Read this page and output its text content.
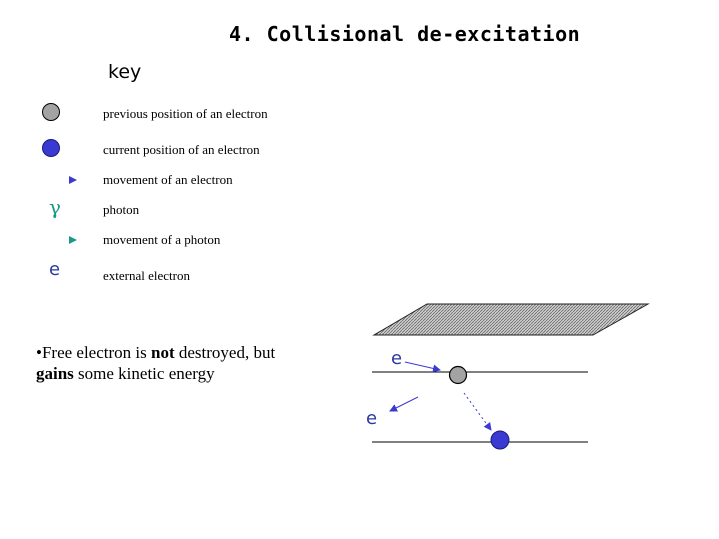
4. Collisional de-excitation
key
previous position of an electron
current position of an electron
movement of an electron
γ	photon
movement of a photon
e	external electron
•Free electron is not destroyed, but
gains some kinetic energy
e
e
